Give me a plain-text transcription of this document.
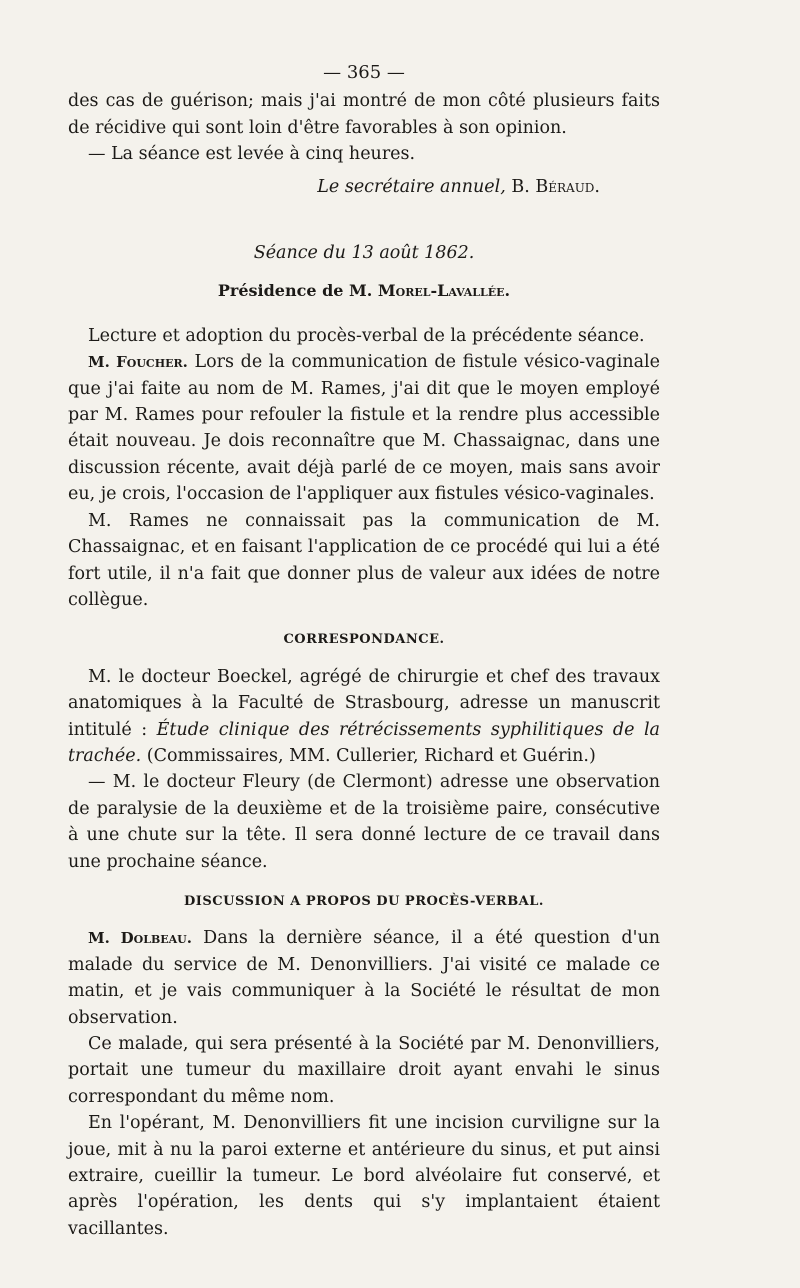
— 365 —

des cas de guérison; mais j'ai montré de mon côté plusieurs faits de récidive qui sont loin d'être favorables à son opinion.

— La séance est levée à cinq heures.

Le secrétaire annuel, B. Béraud.

Séance du 13 août 1862.
Présidence de M. Morel-Lavallée.

Lecture et adoption du procès-verbal de la précédente séance.

M. Foucher. Lors de la communication de fistule vésico-vaginale que j'ai faite au nom de M. Rames, j'ai dit que le moyen employé par M. Rames pour refouler la fistule et la rendre plus accessible était nouveau. Je dois reconnaître que M. Chassaignac, dans une discussion récente, avait déjà parlé de ce moyen, mais sans avoir eu, je crois, l'occasion de l'appliquer aux fistules vésico-vaginales.

M. Rames ne connaissait pas la communication de M. Chassaignac, et en faisant l'application de ce procédé qui lui a été fort utile, il n'a fait que donner plus de valeur aux idées de notre collègue.

CORRESPONDANCE.

M. le docteur Boeckel, agrégé de chirurgie et chef des travaux anatomiques à la Faculté de Strasbourg, adresse un manuscrit intitulé : Étude clinique des rétrécissements syphilitiques de la trachée. (Commissaires, MM. Cullerier, Richard et Guérin.)

— M. le docteur Fleury (de Clermont) adresse une observation de paralysie de la deuxième et de la troisième paire, consécutive à une chute sur la tête. Il sera donné lecture de ce travail dans une prochaine séance.

DISCUSSION A PROPOS DU PROCÈS-VERBAL.

M. Dolbeau. Dans la dernière séance, il a été question d'un malade du service de M. Denonvilliers. J'ai visité ce malade ce matin, et je vais communiquer à la Société le résultat de mon observation.

Ce malade, qui sera présenté à la Société par M. Denonvilliers, portait une tumeur du maxillaire droit ayant envahi le sinus correspondant du même nom.

En l'opérant, M. Denonvilliers fit une incision curviligne sur la joue, mit à nu la paroi externe et antérieure du sinus, et put ainsi extraire, cueillir la tumeur. Le bord alvéolaire fut conservé, et après l'opération, les dents qui s'y implantaient étaient vacillantes.
